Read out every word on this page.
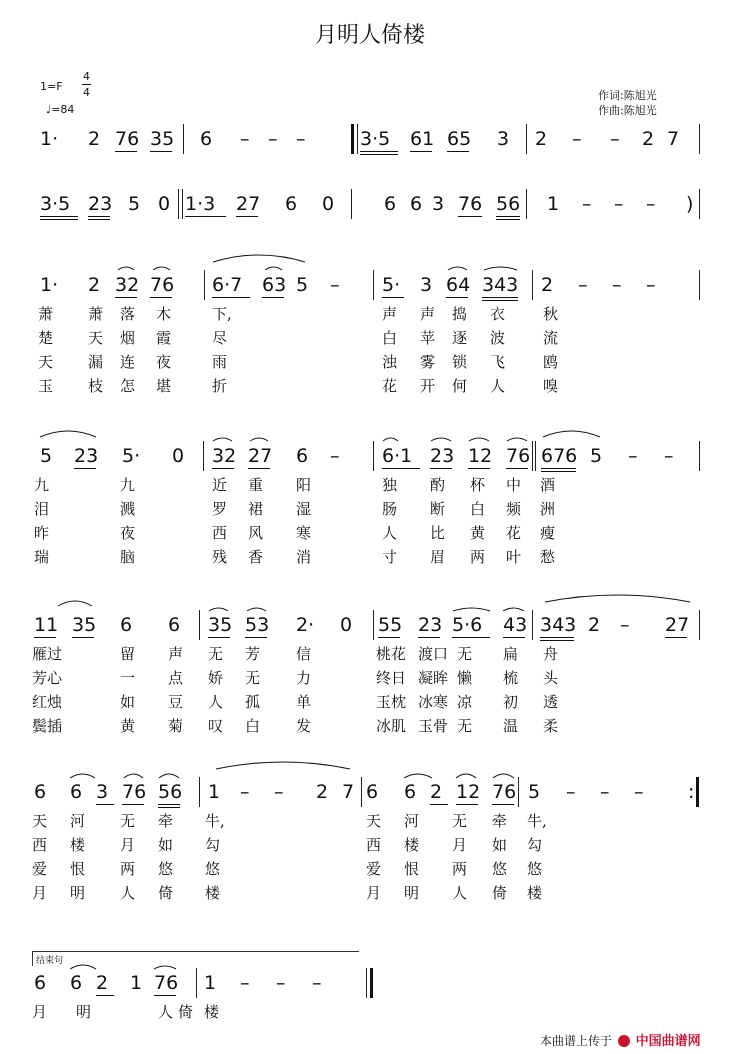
月明人倚楼
1=F
4
4
♩=84
作词:陈旭光
作曲:陈旭光
1· 2 76 35 6 – – –	3·5 61 65 3 2 – – 2 7
3·5 23 5 0 1·3 27 6 0	6 6 3 76 56 1 – – – )
1· 2 32 76 6·7 63 5 – 5· 3 64 343 2 – – –
萧 萧 落 木	下,	声 声 捣 衣	秋
楚 天 烟 霞	尽	白 苹 逐 波	流
天 漏 连 夜	雨	浊 雾 锁 飞	鸥
玉 枝 怎 堪	折	花 开 何 人	嗅
5 23 5· 0 32 27 6 – 6·1 23 12 76 676 5 – –
九	九	近 重 阳	独 酌 杯 中 酒
泪	溅	罗 裙 湿	肠 断 白 频 洲
昨	夜	西 风 寒	人 比 黄 花 瘦
瑞	脑	残 香 消	寸 眉 两 叶 愁
11 35 6 6 35 53 2· 0 55 23 5·6 43 343 2 – 27
雁过	留 声 无 芳 信	桃花 渡口 无 扁 舟
芳心	一 点 娇 无 力	终日 凝眸 懒 梳 头
红烛	如 豆 人 孤 单	玉枕 冰寒 凉 初 透
鬓插	黄 菊 叹 白 发	冰肌 玉骨 无 温 柔
6 6 3 76 56 1 – – 2 7 6 6 2 12 76 5 – – – :
天 河 无 牵 牛,	天 河 无 牵 牛,
西 楼 月 如 勾	西 楼 月 如 勾
爱 恨 两 悠 悠	爱 恨 两 悠 悠
月 明 人 倚 楼	月 明 人 倚 楼
结束句
6 6 2 1 76 1 – – –
月 明	人 倚 楼
本曲谱上传于 中国曲谱网
